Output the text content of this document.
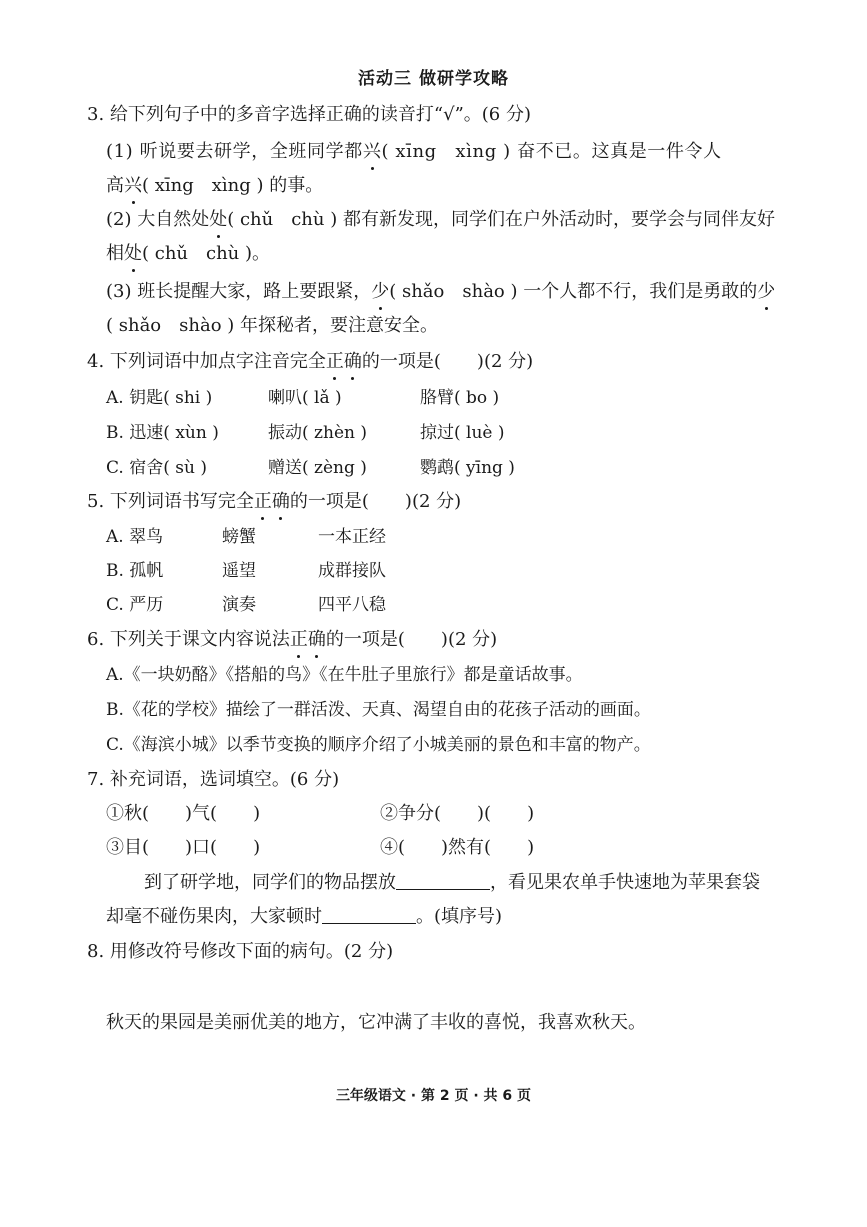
活动三 做研学攻略
3. 给下列句子中的多音字选择正确的读音打“√”。(6 分)
(1) 听说要去研学，全班同学都兴( xīng　xìng ) 奋不已。这真是一件令人
高兴( xīng　xìng ) 的事。
(2) 大自然处处( chǔ　chù ) 都有新发现，同学们在户外活动时，要学会与同伴友好
相处( chǔ　chù )。
(3) 班长提醒大家，路上要跟紧，少( shǎo　shào ) 一个人都不行，我们是勇敢的少
( shǎo　shào ) 年探秘者，要注意安全。
4. 下列词语中加点字注音完全正确的一项是(　　)(2 分)
A. 钥匙( shi )	喇叭( lǎ )	胳臂( bo )
B. 迅速( xùn )	振动( zhèn )	掠过( luè )
C. 宿舍( sù )	赠送( zèng )	鹦鹉( yīng )
5. 下列词语书写完全正确的一项是(　　)(2 分)
A. 翠鸟	螃蟹	一本正经
B. 孤帆	遥望	成群接队
C. 严历	演奏	四平八稳
6. 下列关于课文内容说法正确的一项是(　　)(2 分)
A.《一块奶酪》《搭船的鸟》《在牛肚子里旅行》都是童话故事。
B.《花的学校》描绘了一群活泼、天真、渴望自由的花孩子活动的画面。
C.《海滨小城》以季节变换的顺序介绍了小城美丽的景色和丰富的物产。
7. 补充词语，选词填空。(6 分)
①秋(　　)气(　　)	②争分(　　)(　　)
③目(　　)口(　　)	④(　　)然有(　　)
到了研学地，同学们的物品摆放	，看见果农单手快速地为苹果套袋
却毫不碰伤果肉，大家顿时	。(填序号)
8. 用修改符号修改下面的病句。(2 分)
秋天的果园是美丽优美的地方，它冲满了丰收的喜悦，我喜欢秋天。
三年级语文 · 第 2 页 · 共 6 页
